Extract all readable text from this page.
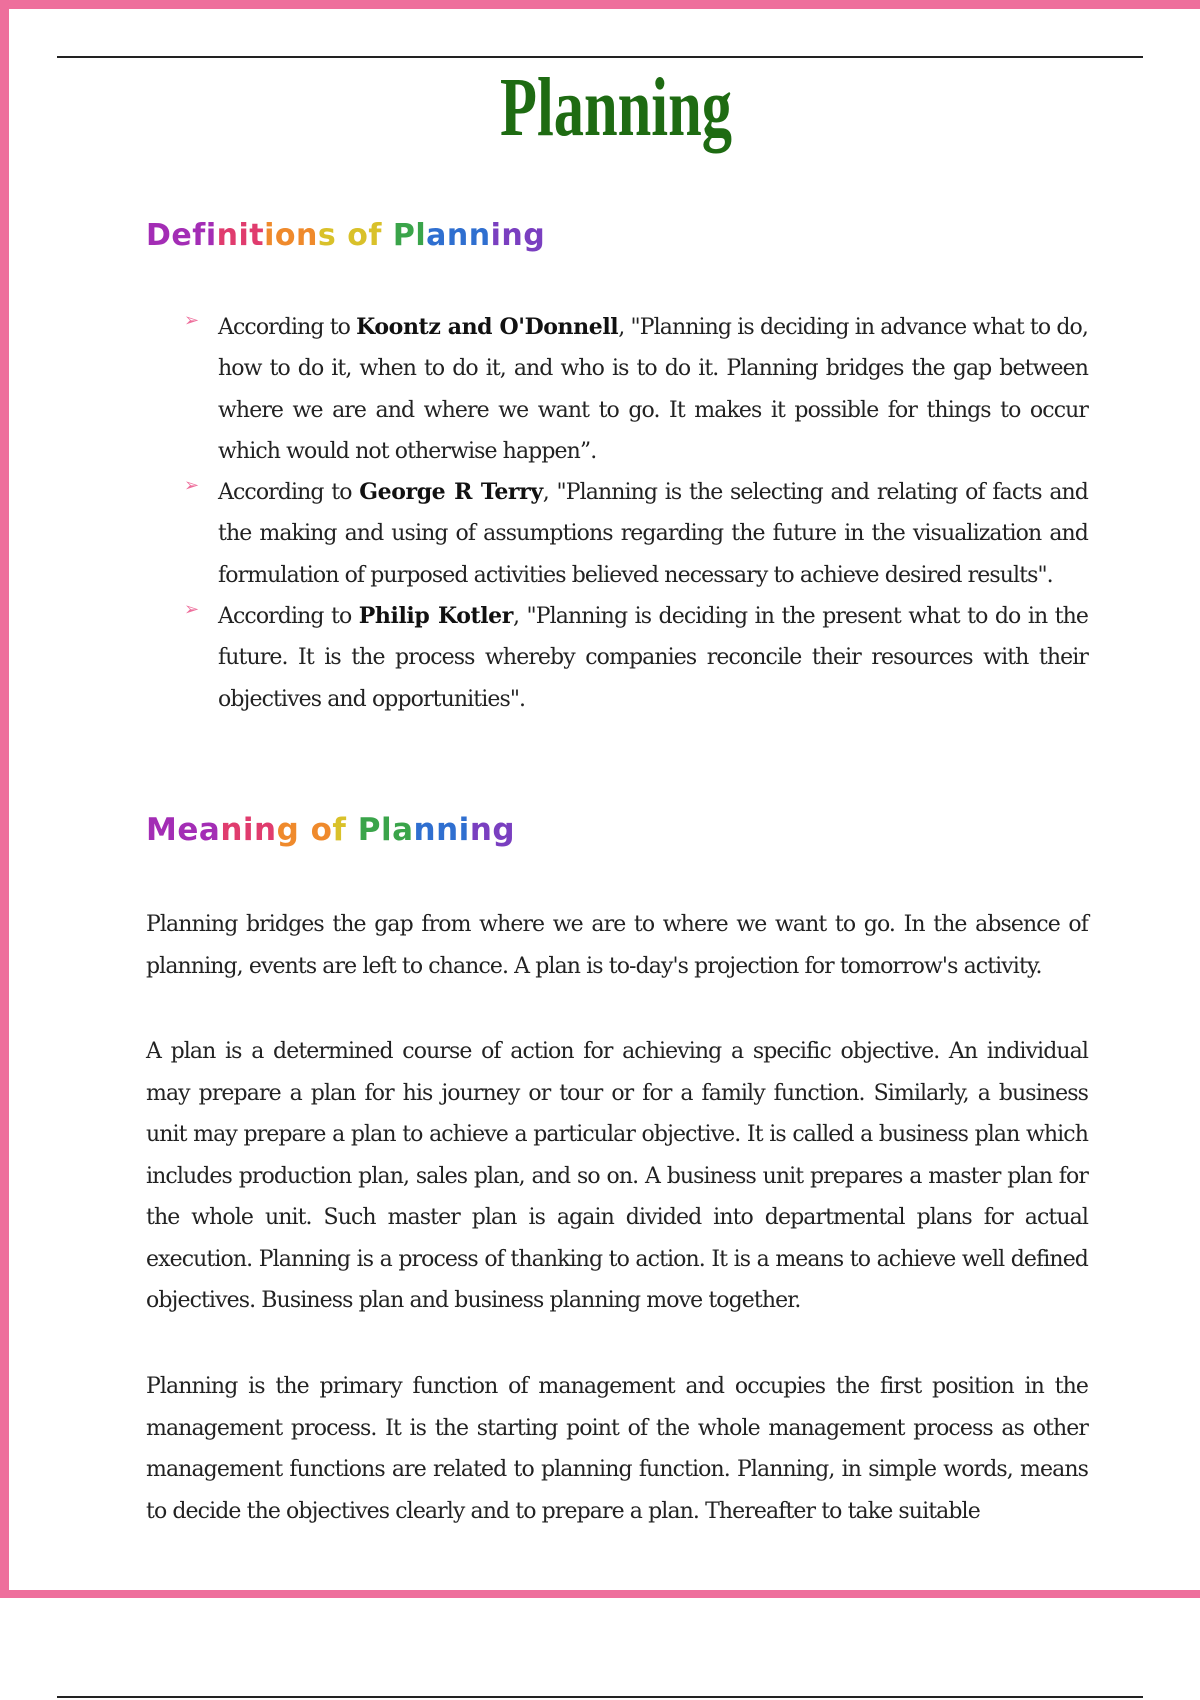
Planning
Definitions of Planning
➢ According to Koontz and O'Donnell, "Planning is deciding in advance what to do, how to do it, when to do it, and who is to do it. Planning bridges the gap between where we are and where we want to go. It makes it possible for things to occur which would not otherwise happen”.
➢ According to George R Terry, "Planning is the selecting and relating of facts and the making and using of assumptions regarding the future in the visualization and formulation of purposed activities believed necessary to achieve desired results".
➢ According to Philip Kotler, "Planning is deciding in the present what to do in the future. It is the process whereby companies reconcile their resources with their objectives and opportunities".
Meaning of Planning

Planning bridges the gap from where we are to where we want to go. In the absence of planning, events are left to chance. A plan is to-day's projection for tomorrow's activity.

A plan is a determined course of action for achieving a specific objective. An individual may prepare a plan for his journey or tour or for a family function. Similarly, a business unit may prepare a plan to achieve a particular objective. It is called a business plan which includes production plan, sales plan, and so on. A business unit prepares a master plan for the whole unit. Such master plan is again divided into departmental plans for actual execution. Planning is a process of thanking to action. It is a means to achieve well defined objectives. Business plan and business planning move together.

Planning is the primary function of management and occupies the first position in the management process. It is the starting point of the whole management process as other management functions are related to planning function. Planning, in simple words, means to decide the objectives clearly and to prepare a plan. Thereafter to take suitable
